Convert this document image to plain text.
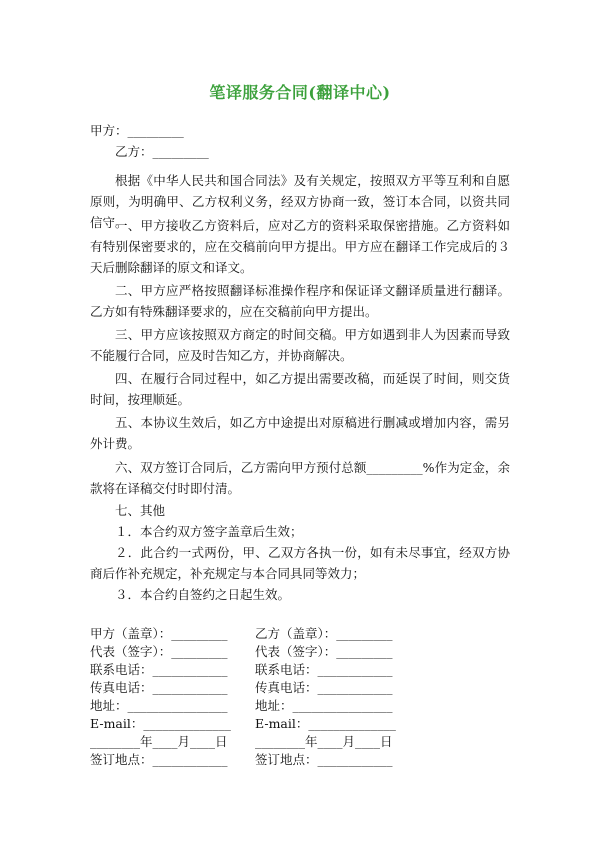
笔译服务合同(翻译中心)
甲方：_________
乙方：_________
根据《中华人民共和国合同法》及有关规定，按照双方平等互利和自愿原则，为明确甲、乙方权利义务，经双方协商一致，签订本合同，以资共同信守。
一、甲方接收乙方资料后，应对乙方的资料采取保密措施。乙方资料如有特别保密要求的，应在交稿前向甲方提出。甲方应在翻译工作完成后的３天后删除翻译的原文和译文。
二、甲方应严格按照翻译标准操作程序和保证译文翻译质量进行翻译。乙方如有特殊翻译要求的，应在交稿前向甲方提出。
三、甲方应该按照双方商定的时间交稿。甲方如遇到非人为因素而导致不能履行合同，应及时告知乙方，并协商解决。
四、在履行合同过程中，如乙方提出需要改稿，而延误了时间，则交货时间，按理顺延。
五、本协议生效后，如乙方中途提出对原稿进行删减或增加内容，需另外计费。
六、双方签订合同后，乙方需向甲方预付总额_________%作为定金，余款将在译稿交付时即付清。
七、其他
１．本合约双方签字盖章后生效；
２．此合约一式两份，甲、乙双方各执一份，如有未尽事宜，经双方协商后作补充规定，补充规定与本合同具同等效力；
３．本合约自签约之日起生效。
甲方（盖章）：_________
代表（签字）：_________
联系电话：____________
传真电话：____________
地址：________________
E-mail：______________
________年____月____日
签订地点：____________
乙方（盖章）：_________
代表（签字）：_________
联系电话：____________
传真电话：____________
地址：________________
E-mail：______________
________年____月____日
签订地点：____________
